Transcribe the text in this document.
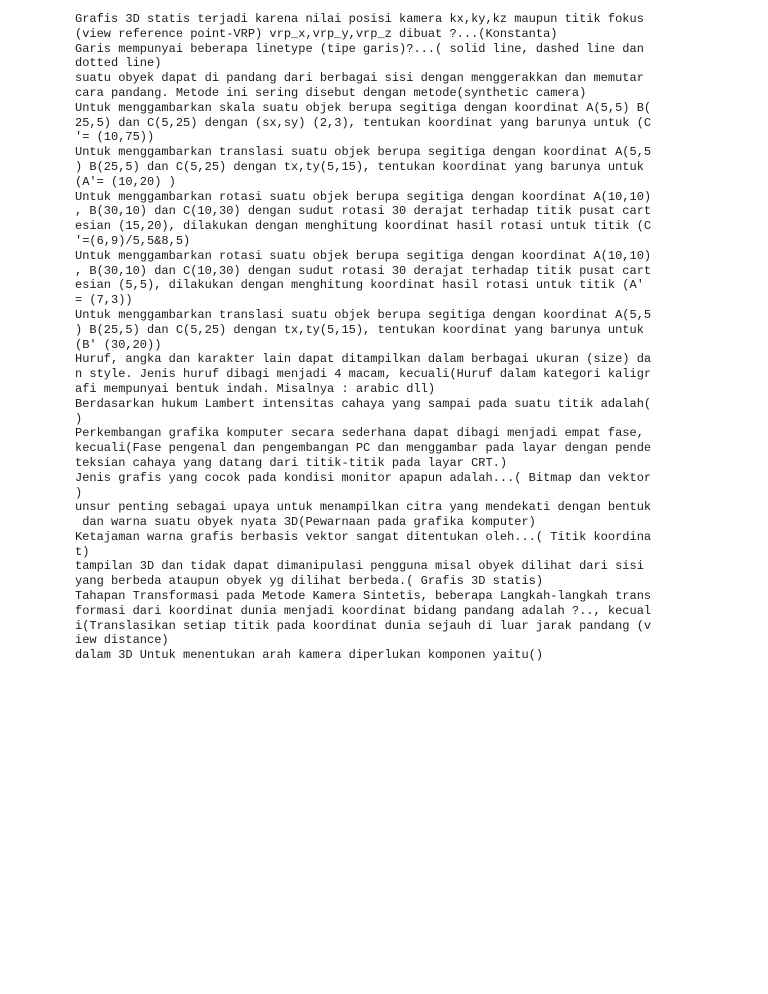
Grafis 3D statis terjadi karena nilai posisi kamera kx,ky,kz maupun titik fokus

(view reference point-VRP) vrp_x,vrp_y,vrp_z dibuat ?...(Konstanta)

Garis mempunyai beberapa linetype (tipe garis)?...( solid line, dashed line dan

dotted line)

suatu obyek dapat di pandang dari berbagai sisi dengan menggerakkan dan memutar

cara pandang. Metode ini sering disebut dengan metode(synthetic camera)

Untuk menggambarkan skala suatu objek berupa segitiga dengan koordinat A(5,5) B(

25,5) dan C(5,25) dengan (sx,sy) (2,3), tentukan koordinat yang barunya untuk (C

'= (10,75))

Untuk menggambarkan translasi suatu objek berupa segitiga dengan koordinat A(5,5

) B(25,5) dan C(5,25) dengan tx,ty(5,15), tentukan koordinat yang barunya untuk

(A'= (10,20) )

Untuk menggambarkan rotasi suatu objek berupa segitiga dengan koordinat A(10,10)

, B(30,10) dan C(10,30) dengan sudut rotasi 30 derajat terhadap titik pusat cart

esian (15,20), dilakukan dengan menghitung koordinat hasil rotasi untuk titik (C

'=(6,9)/5,5&8,5)

Untuk menggambarkan rotasi suatu objek berupa segitiga dengan koordinat A(10,10)

, B(30,10) dan C(10,30) dengan sudut rotasi 30 derajat terhadap titik pusat cart

esian (5,5), dilakukan dengan menghitung koordinat hasil rotasi untuk titik (A'

= (7,3))

Untuk menggambarkan translasi suatu objek berupa segitiga dengan koordinat A(5,5

) B(25,5) dan C(5,25) dengan tx,ty(5,15), tentukan koordinat yang barunya untuk

(B' (30,20))

Huruf, angka dan karakter lain dapat ditampilkan dalam berbagai ukuran (size) da

n style. Jenis huruf dibagi menjadi 4 macam, kecuali(Huruf dalam kategori kaligr

afi mempunyai bentuk indah. Misalnya : arabic dll)

Berdasarkan hukum Lambert intensitas cahaya yang sampai pada suatu titik adalah(

)

Perkembangan grafika komputer secara sederhana dapat dibagi menjadi empat fase,

kecuali(Fase pengenal dan pengembangan PC dan menggambar pada layar dengan pende

teksian cahaya yang datang dari titik-titik pada layar CRT.)

Jenis grafis yang cocok pada kondisi monitor apapun adalah...( Bitmap dan vektor

)

unsur penting sebagai upaya untuk menampilkan citra yang mendekati dengan bentuk

dan warna suatu obyek nyata 3D(Pewarnaan pada grafika komputer)

Ketajaman warna grafis berbasis vektor sangat ditentukan oleh...( Titik koordina

t)

tampilan 3D dan tidak dapat dimanipulasi pengguna misal obyek dilihat dari sisi

yang berbeda ataupun obyek yg dilihat berbeda.( Grafis 3D statis)

Tahapan Transformasi pada Metode Kamera Sintetis, beberapa Langkah-langkah trans

formasi dari koordinat dunia menjadi koordinat bidang pandang adalah ?.., kecual

i(Translasikan setiap titik pada koordinat dunia sejauh di luar jarak pandang (v

iew distance)

dalam 3D Untuk menentukan arah kamera diperlukan komponen yaitu()
